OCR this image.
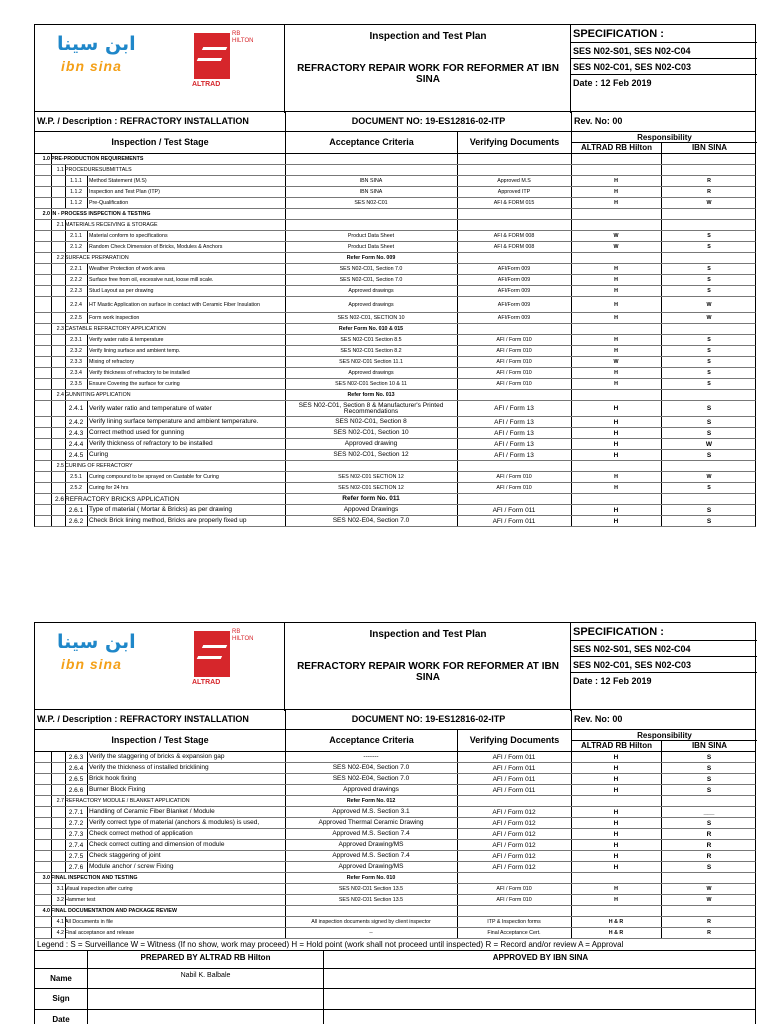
ابن سينا
ibn sina
ALTRAD
RB HILTON	Inspection and Test Plan
REFRACTORY REPAIR WORK FOR REFORMER AT IBN SINA
SPECIFICATION :
SES N02-S01, SES N02-C04
SES N02-C01, SES N02-C03
Date : 12 Feb 2019
W.P. / Description : REFRACTORY INSTALLATION	DOCUMENT NO: 19-ES12816-02-ITP	Rev. No: 00
Inspection / Test Stage	Acceptance Criteria	Verifying Documents	Responsibility
ALTRAD RB Hilton	IBN SINA
1.0 PRE-PRODUCTION REQUIREMENTS
1.1 PROCEDURESUBMITTALS
1.1.1	Method Statement (M.S)	IBN SINA	Approved M.S	H	R
1.1.2	Inspection and Test Plan (ITP)	IBN SINA	Approved ITP	H	R
1.1.2	Pre-Qualification	SES N02-C01	AFI & FORM 015	H	W
2.0 IN - PROCESS INSPECTION & TESTING
2.1 MATERIALS RECEIVING & STORAGE
2.1.1	Material conform to specifications	Product Data Sheet	AFI & FORM 008	W	S
2.1.2	Random Check Dimension of Bricks, Modules & Anchors	Product Data Sheet	AFI & FORM 008	W	S
2.2 SURFACE PREPARATION	Refer Form No. 009
2.2.1	Weather Protection of work area	SES N02-C01, Section 7.0	AFI/Form 009	H	S
2.2.2	Surface free from oil, excessive rust, loose mill scale.	SES N02-C01, Section 7.0	AFI/Form 009	H	S
2.2.3	Stud Layout as per drawing	Approved drawings	AFI/Form 009	H	S
2.2.4	HT Mastic Application on surface in contact with Ceramic Fiber Insulation	Approved drawings	AFI/Form 009	H	W
2.2.5	Form work inspection	SES N02-C01, SECTION 10	AFI/Form 009	H	W
2.3 CASTABLE REFRACTORY APPLICATION	Refer Form No. 010 & 015
2.3.1	Verify water ratio & temperature	SES N02-C01 Section 8.5	AFI / Form 010	H	S
2.3.2	Verify lining surface and ambient temp.	SES N02-C01 Section 8.2	AFI / Form 010	H	S
2.3.3	Mixing of refractory	SES N02-C01 Section 11.1	AFI / Form 010	W	S
2.3.4	Verify thickness of refractory to be installed	Approved drawings	AFI / Form 010	H	S
2.3.5	Ensure Covering the surface for curing	SES N02-C01 Section 10 & 11	AFI / Form 010	H	S
2.4 GUNNITING APPLICATION	Refer form No. 013
2.4.1 Verify water ratio and temperature of water	SES N02-C01, Section 8 & Manufacturer's Printed Recommendations	AFI / Form 13	H	S
2.4.2 Verify lining surface temperature and ambient temperature.	SES N02-C01, Section 8	AFI / Form 13	H	S
2.4.3 Correct method used for gunning	SES N02-C01, Section 10	AFI / Form 13	H	S
2.4.4 Verify thickness of refractory to be installed	Approved drawing	AFI / Form 13	H	W
2.4.5 Curing	SES N02-C01, Section 12	AFI / Form 13	H	S
2.5 CURING OF REFRACTORY
2.5.1	Curing compound to be sprayed on Castable for Curing	SES N02-C01 SECTION 12	AFI / Form 010	H	W
2.5.2	Curing for 24 hrs	SES N02-C01 SECTION 12	AFI / Form 010	H	S
2.6 REFRACTORY BRICKS APPLICATION	Refer form No. 011
2.6.1 Type of material ( Mortar & Bricks) as per drawing	Appoved Drawings	AFI / Form 011	H	S
2.6.2 Check Brick lining method, Bricks are properly fixed up	SES N02-E04, Section 7.0	AFI / Form 011	H	S
ابن سينا
ibn sina
ALTRAD
RB HILTON	Inspection and Test Plan
REFRACTORY REPAIR WORK FOR REFORMER AT IBN SINA
SPECIFICATION :
SES N02-S01, SES N02-C04
SES N02-C01, SES N02-C03
Date : 12 Feb 2019
W.P. / Description : REFRACTORY INSTALLATION	DOCUMENT NO: 19-ES12816-02-ITP	Rev. No: 00
Inspection / Test Stage	Acceptance Criteria	Verifying Documents	Responsibility
ALTRAD RB Hilton	IBN SINA
2.6.3 Verify the staggering of bricks & expansion gap	-------	AFI / Form 011	H	S
2.6.4 Verify the thickness of installed bricklining	SES N02-E04, Section 7.0	AFI / Form 011	H	S
2.6.5 Brick hook fixing	SES N02-E04, Section 7.0	AFI / Form 011	H	S
2.6.6 Burner Block Fixing	Approved drawings	AFI / Form 011	H	S
2.7 REFRACTORY MODULE / BLANKET APPLICATION	Refer Form No. 012
2.7.1 Handling of Ceramic Fiber Blanket / Module	Approved M.S. Section 3.1	AFI / Form 012	H	___
2.7.2 Verify correct type of material (anchors & modules) is used,	Approved Thermal Ceramic Drawing	AFI / Form 012	H	S
2.7.3 Check correct method of application	Approved M.S. Section 7.4	AFI / Form 012	H	R
2.7.4 Check correct cutting and dimension of module	Approved Drawing/MS	AFI / Form 012	H	R
2.7.5 Check staggering of joint	Approved M.S. Section 7.4	AFI / Form 012	H	R
2.7.6 Module anchor / screw Fixing	Approved Drawing/MS	AFI / Form 012	H	S
3.0 FINAL INSPECTION AND TESTING	Refer Form No. 010
3.1 Visual inspection after curing	SES N02-C01 Section 13.5	AFI / Form 010	H	W
3.2 Hammer test	SES N02-C01 Section 13.5	AFI / Form 010	H	W
4.0 FINAL DOCUMENTATION AND PACKAGE REVIEW
4.1 All Documents in file	All inspection documents signed by client inspector	ITP & Inspection forms	H & R	R
4.2 Final acceptance and release	--	Final Acceptance Cert.	H & R	R
Legend : S = Surveillance W = Witness (If no show, work may proceed) H = Hold point (work shall not proceed until inspected) R = Record and/or review A = Approval
PREPARED BY ALTRAD RB Hilton	APPROVED BY IBN SINA
Name	Nabil K. Balbale
Sign
Date
